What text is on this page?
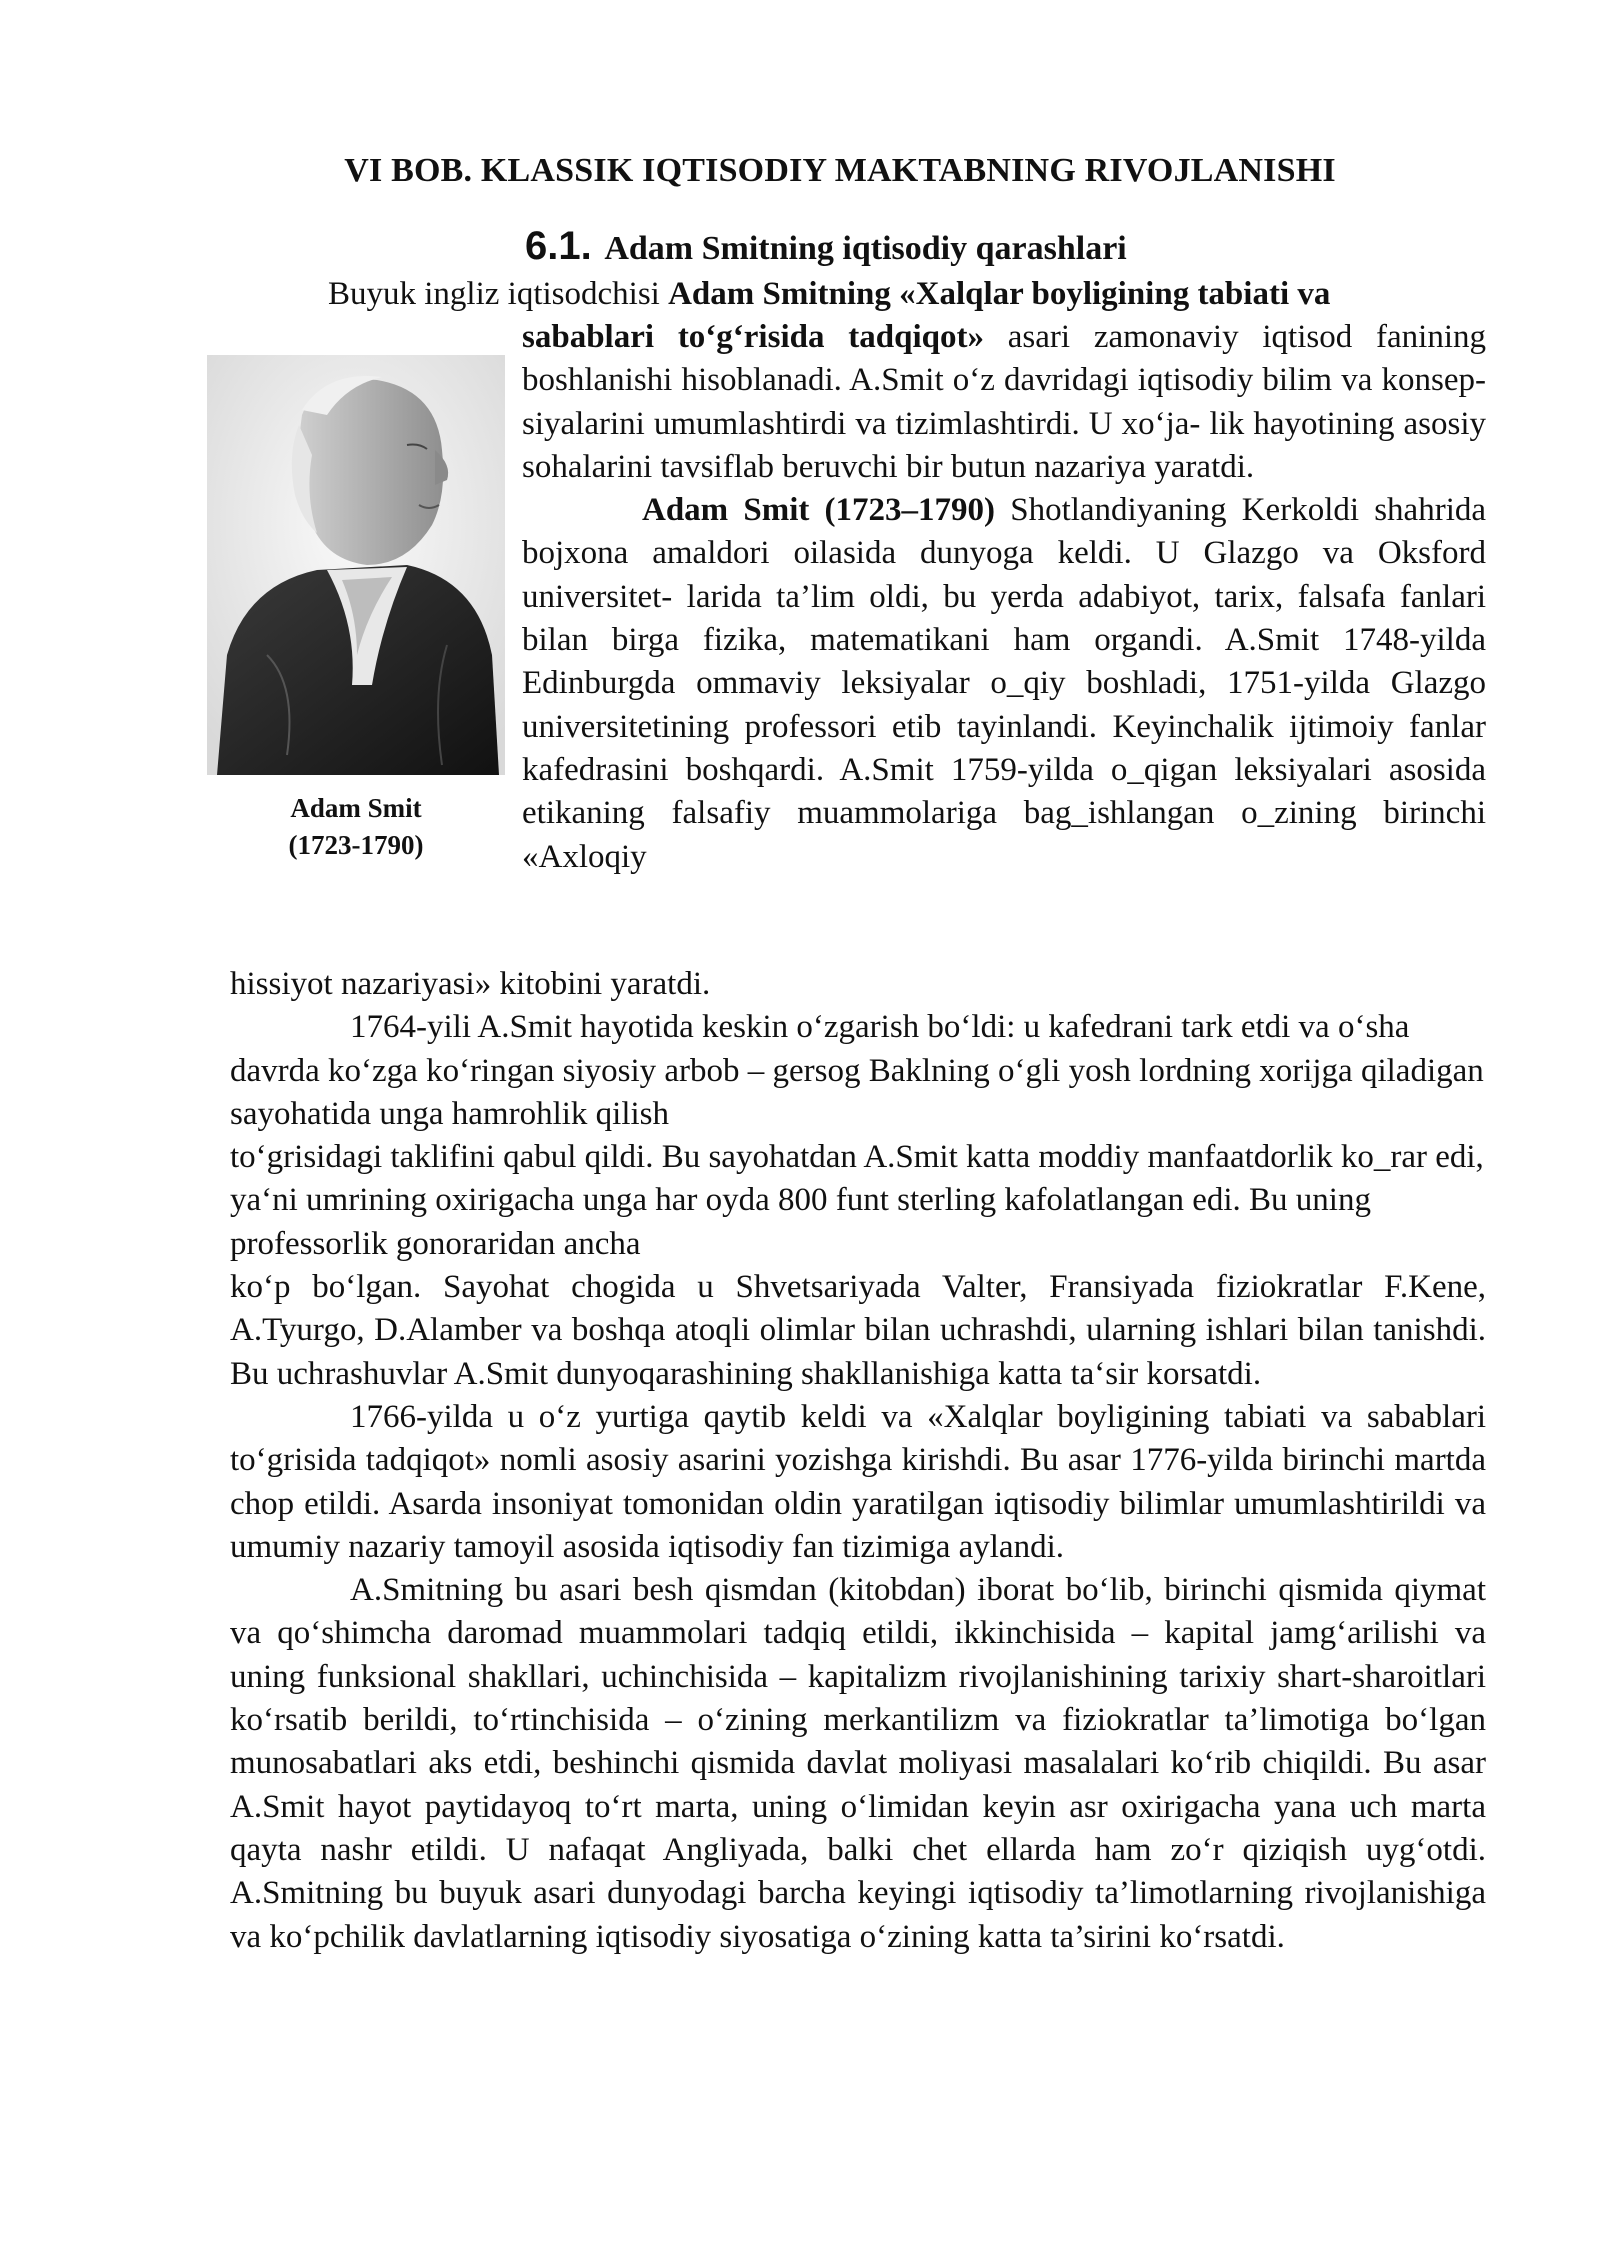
VI BOB. KLASSIK IQTISODIY MAKTABNING RIVOJLANISHI
6.1. Adam Smitning iqtisodiy qarashlari

Buyuk ingliz iqtisodchisi Adam Smitning «Xalqlar boyligining tabiati va

Adam Smit
(1723-1790)

sabablari to‘g‘risida tadqiqot» asari zamonaviy iqtisod fanining boshlanishi hisoblanadi. A.Smit o‘z davridagi iqtisodiy bilim va konsep- siyalarini umumlashtirdi va tizimlashtirdi. U xo‘ja- lik hayotining asosiy sohalarini tavsiflab beruvchi bir butun nazariya yaratdi.

Adam Smit (1723–1790) Shotlandiyaning Kerkoldi shahrida bojxona amaldori oilasida dunyoga keldi. U Glazgo va Oksford universitet- larida ta’lim oldi, bu yerda adabiyot, tarix, falsafa fanlari bilan birga fizika, matematikani ham organdi. A.Smit 1748-yilda Edinburgda ommaviy leksiyalar o_qiy boshladi, 1751-yilda Glazgo universitetining professori etib tayinlandi. Keyinchalik ijtimoiy fanlar kafedrasini boshqardi. A.Smit 1759-yilda o_qigan leksiyalari asosida etikaning falsafiy muammolariga bag_ishlangan o_zining birinchi «Axloqiy

hissiyot nazariyasi» kitobini yaratdi.

1764-yili A.Smit hayotida keskin o‘zgarish bo‘ldi: u kafedrani tark etdi va o‘sha davrda ko‘zga ko‘ringan siyosiy arbob – gersog Baklning o‘gli yosh lordning xorijga qiladigan sayohatida unga hamrohlik qilish

to‘grisidagi taklifini qabul qildi. Bu sayohatdan A.Smit katta moddiy manfaatdorlik ko_rar edi, ya‘ni umrining oxirigacha unga har oyda 800 funt sterling kafolatlangan edi. Bu uning professorlik gonoraridan ancha

ko‘p bo‘lgan. Sayohat chogida u Shvetsariyada Valter, Fransiyada fiziokratlar F.Kene, A.Tyurgo, D.Alamber va boshqa atoqli olimlar bilan uchrashdi, ularning ishlari bilan tanishdi. Bu uchrashuvlar A.Smit dunyoqarashining shakllanishiga katta ta‘sir korsatdi.

1766-yilda u o‘z yurtiga qaytib keldi va «Xalqlar boyligining tabiati va sabablari to‘grisida tadqiqot» nomli asosiy asarini yozishga kirishdi. Bu asar 1776-yilda birinchi martda chop etildi. Asarda insoniyat tomonidan oldin yaratilgan iqtisodiy bilimlar umumlashtirildi va umumiy nazariy tamoyil asosida iqtisodiy fan tizimiga aylandi.

A.Smitning bu asari besh qismdan (kitobdan) iborat bo‘lib, birinchi qismida qiymat va qo‘shimcha daromad muammolari tadqiq etildi, ikkinchisida – kapital jamg‘arilishi va uning funksional shakllari, uchinchisida – kapitalizm rivojlanishining tarixiy shart-sharoitlari ko‘rsatib berildi, to‘rtinchisida – o‘zining merkantilizm va fiziokratlar ta’limotiga bo‘lgan munosabatlari aks etdi, beshinchi qismida davlat moliyasi masalalari ko‘rib chiqildi. Bu asar A.Smit hayot paytidayoq to‘rt marta, uning o‘limidan keyin asr oxirigacha yana uch marta qayta nashr etildi. U nafaqat Angliyada, balki chet ellarda ham zo‘r qiziqish uyg‘otdi. A.Smitning bu buyuk asari dunyodagi barcha keyingi iqtisodiy ta’limotlarning rivojlanishiga va ko‘pchilik davlatlarning iqtisodiy siyosatiga o‘zining katta ta’sirini ko‘rsatdi.
